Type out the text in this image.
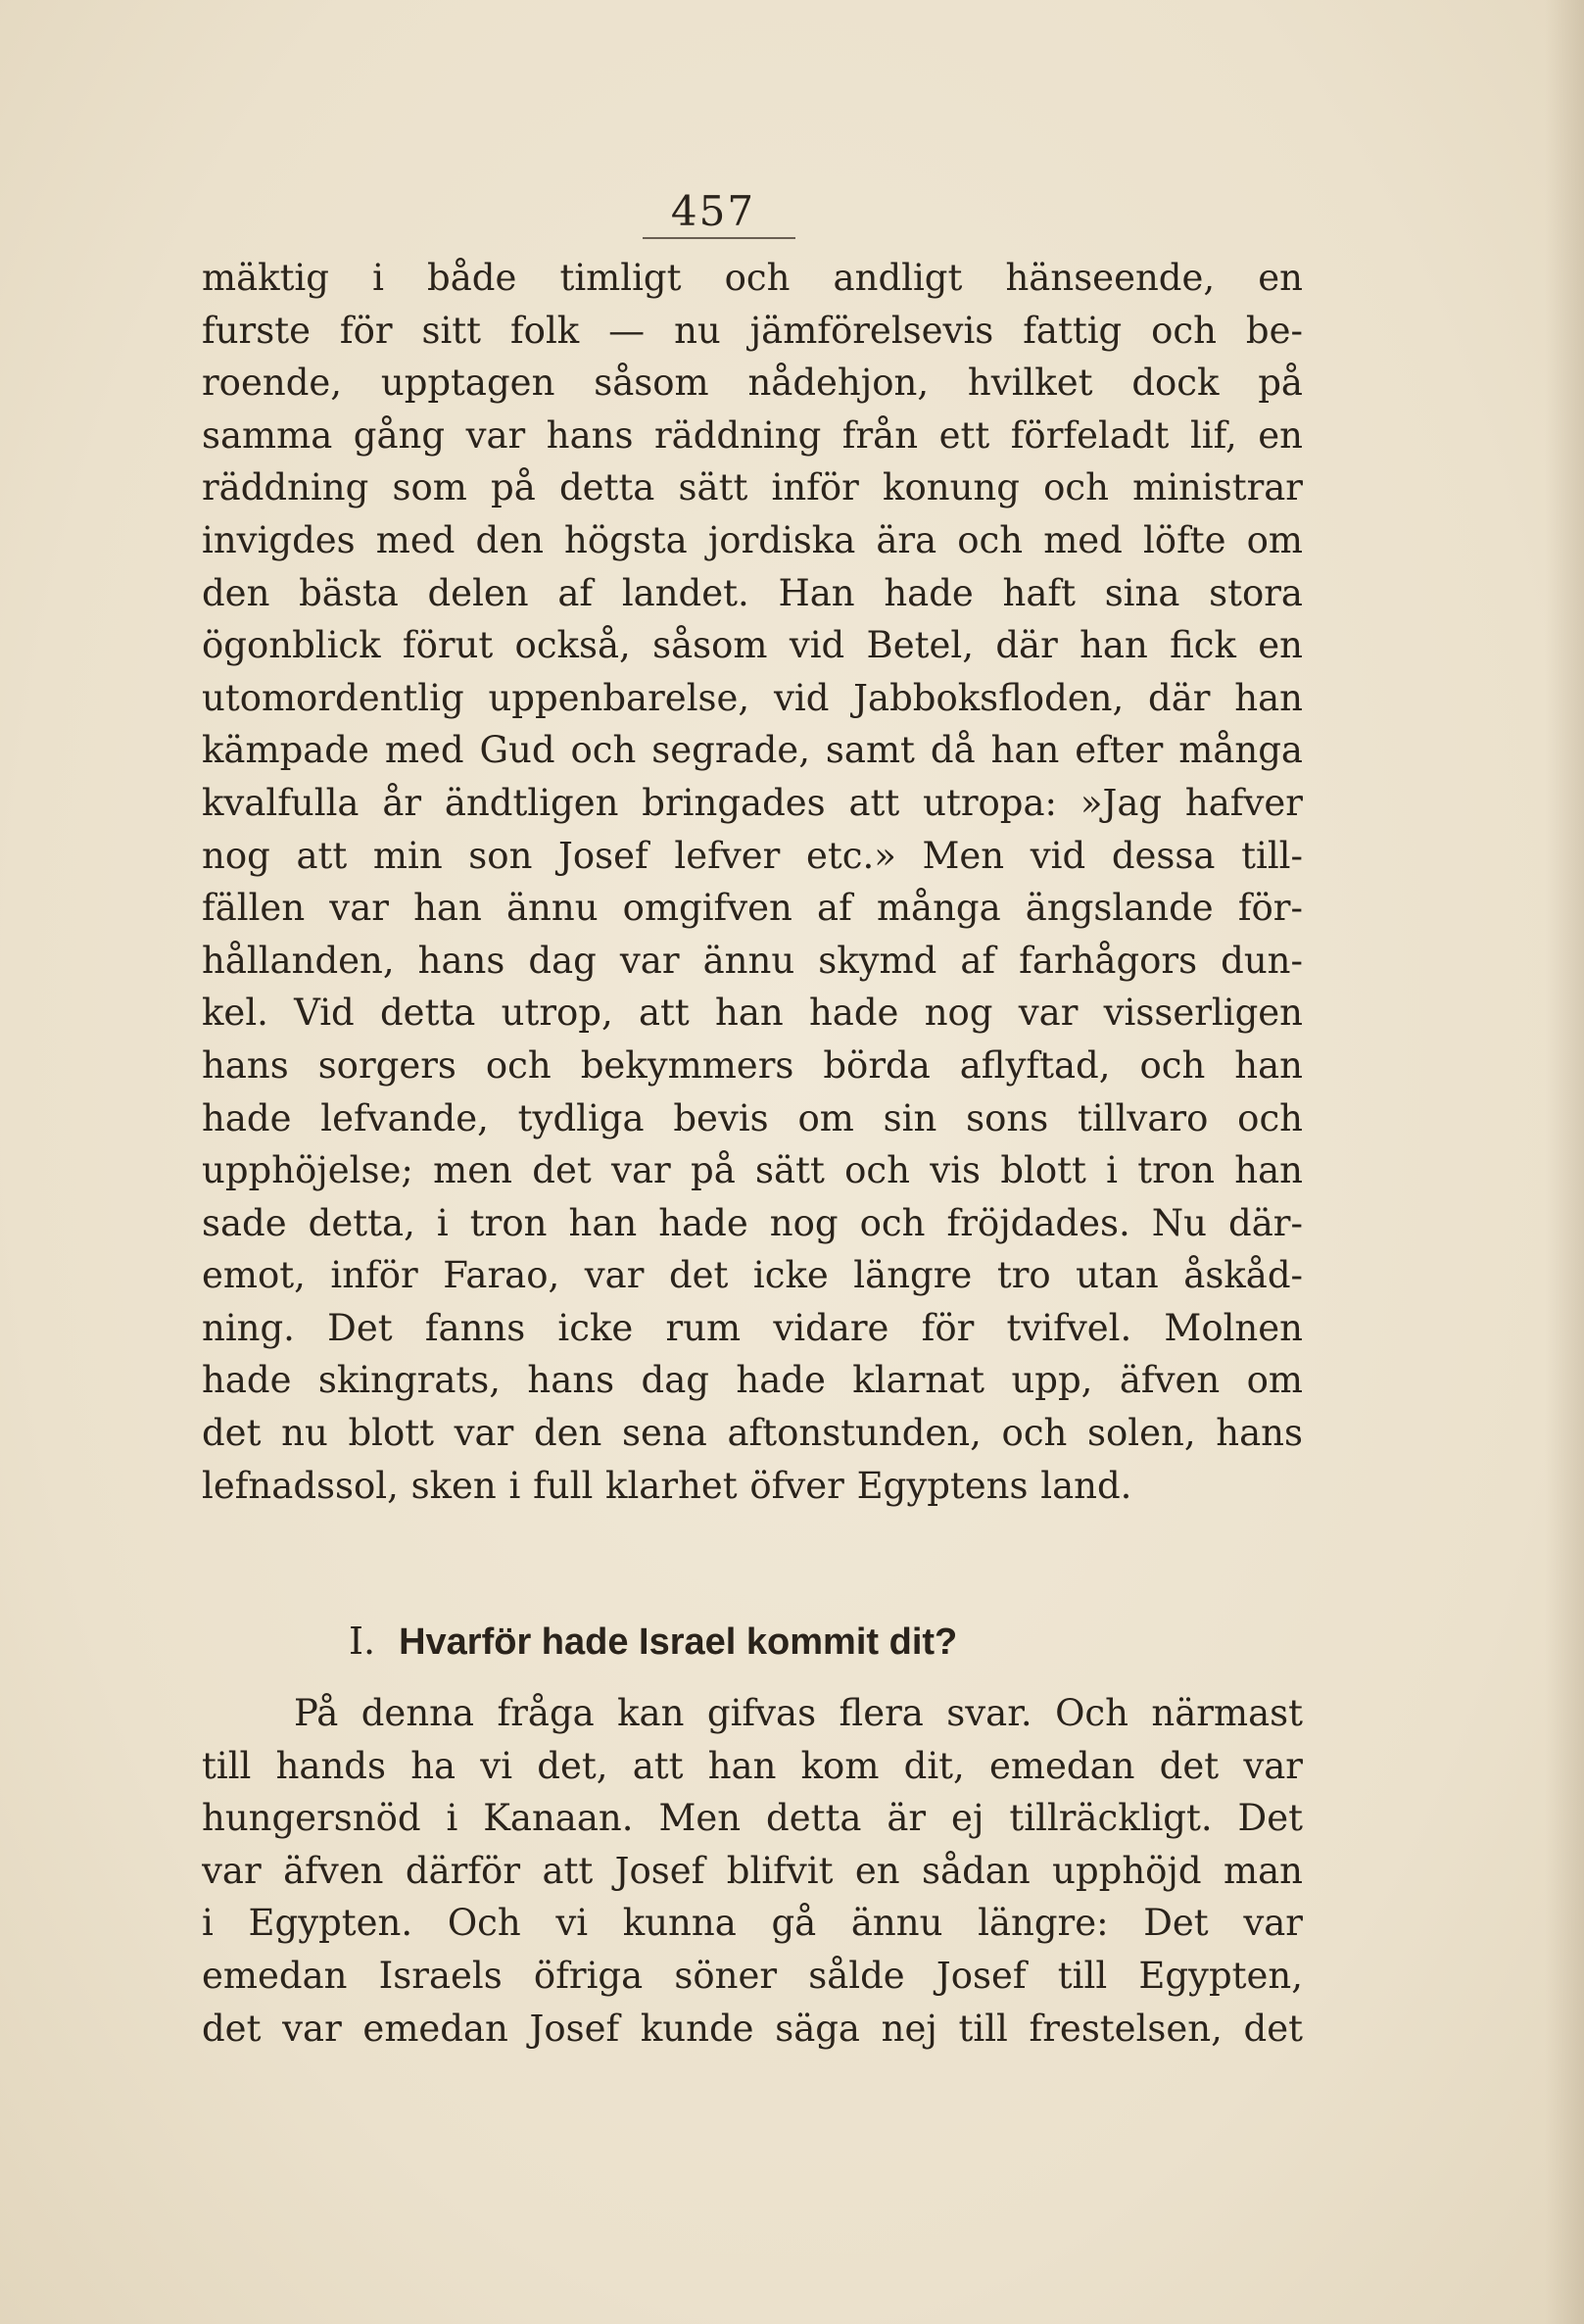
457
mäktig i både timligt och andligt hänseende, en
furste för sitt folk — nu jämförelsevis fattig och be-
roende, upptagen såsom nådehjon, hvilket dock på
samma gång var hans räddning från ett förfeladt lif, en
räddning som på detta sätt inför konung och ministrar
invigdes med den högsta jordiska ära och med löfte om
den bästa delen af landet. Han hade haft sina stora
ögonblick förut också, såsom vid Betel, där han fick en
utomordentlig uppenbarelse, vid Jabboksfloden, där han
kämpade med Gud och segrade, samt då han efter många
kvalfulla år ändtligen bringades att utropa: »Jag hafver
nog att min son Josef lefver etc.» Men vid dessa till-
fällen var han ännu omgifven af många ängslande för-
hållanden, hans dag var ännu skymd af farhågors dun-
kel. Vid detta utrop, att han hade nog var visserligen
hans sorgers och bekymmers börda aflyftad, och han
hade lefvande, tydliga bevis om sin sons tillvaro och
upphöjelse; men det var på sätt och vis blott i tron han
sade detta, i tron han hade nog och fröjdades. Nu där-
emot, inför Farao, var det icke längre tro utan åskåd-
ning. Det fanns icke rum vidare för tvifvel. Molnen
hade skingrats, hans dag hade klarnat upp, äfven om
det nu blott var den sena aftonstunden, och solen, hans
lefnadssol, sken i full klarhet öfver Egyptens land.
I. Hvarför hade Israel kommit dit?
På denna fråga kan gifvas flera svar. Och närmast
till hands ha vi det, att han kom dit, emedan det var
hungersnöd i Kanaan. Men detta är ej tillräckligt. Det
var äfven därför att Josef blifvit en sådan upphöjd man
i Egypten. Och vi kunna gå ännu längre: Det var
emedan Israels öfriga söner sålde Josef till Egypten,
det var emedan Josef kunde säga nej till frestelsen, det
